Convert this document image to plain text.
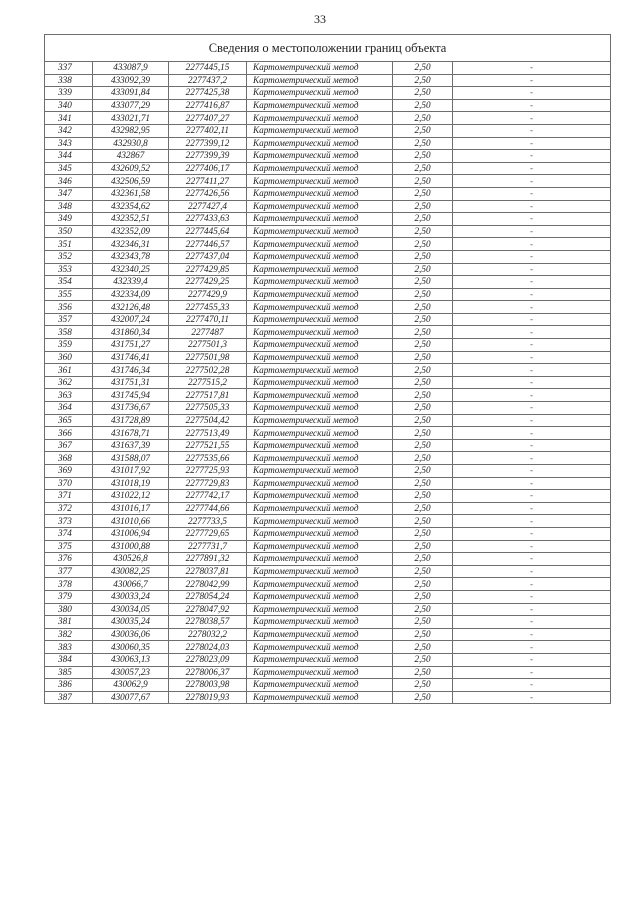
33
Сведения о местоположении границ объекта					
337	433087,9	2277445,15	Картометрический метод	2,50	-
338	433092,39	2277437,2	Картометрический метод	2,50	-
339	433091,84	2277425,38	Картометрический метод	2,50	-
340	433077,29	2277416,87	Картометрический метод	2,50	-
341	433021,71	2277407,27	Картометрический метод	2,50	-
342	432982,95	2277402,11	Картометрический метод	2,50	-
343	432930,8	2277399,12	Картометрический метод	2,50	-
344	432867	2277399,39	Картометрический метод	2,50	-
345	432609,52	2277406,17	Картометрический метод	2,50	-
346	432506,59	2277411,27	Картометрический метод	2,50	-
347	432361,58	2277426,56	Картометрический метод	2,50	-
348	432354,62	2277427,4	Картометрический метод	2,50	-
349	432352,51	2277433,63	Картометрический метод	2,50	-
350	432352,09	2277445,64	Картометрический метод	2,50	-
351	432346,31	2277446,57	Картометрический метод	2,50	-
352	432343,78	2277437,04	Картометрический метод	2,50	-
353	432340,25	2277429,85	Картометрический метод	2,50	-
354	432339,4	2277429,25	Картометрический метод	2,50	-
355	432334,09	2277429,9	Картометрический метод	2,50	-
356	432126,48	2277455,33	Картометрический метод	2,50	-
357	432007,24	2277470,11	Картометрический метод	2,50	-
358	431860,34	2277487	Картометрический метод	2,50	-
359	431751,27	2277501,3	Картометрический метод	2,50	-
360	431746,41	2277501,98	Картометрический метод	2,50	-
361	431746,34	2277502,28	Картометрический метод	2,50	-
362	431751,31	2277515,2	Картометрический метод	2,50	-
363	431745,94	2277517,81	Картометрический метод	2,50	-
364	431736,67	2277505,33	Картометрический метод	2,50	-
365	431728,89	2277504,42	Картометрический метод	2,50	-
366	431678,71	2277513,49	Картометрический метод	2,50	-
367	431637,39	2277521,55	Картометрический метод	2,50	-
368	431588,07	2277535,66	Картометрический метод	2,50	-
369	431017,92	2277725,93	Картометрический метод	2,50	-
370	431018,19	2277729,83	Картометрический метод	2,50	-
371	431022,12	2277742,17	Картометрический метод	2,50	-
372	431016,17	2277744,66	Картометрический метод	2,50	-
373	431010,66	2277733,5	Картометрический метод	2,50	-
374	431006,94	2277729,65	Картометрический метод	2,50	-
375	431000,88	2277731,7	Картометрический метод	2,50	-
376	430526,8	2277891,32	Картометрический метод	2,50	-
377	430082,25	2278037,81	Картометрический метод	2,50	-
378	430066,7	2278042,99	Картометрический метод	2,50	-
379	430033,24	2278054,24	Картометрический метод	2,50	-
380	430034,05	2278047,92	Картометрический метод	2,50	-
381	430035,24	2278038,57	Картометрический метод	2,50	-
382	430036,06	2278032,2	Картометрический метод	2,50	-
383	430060,35	2278024,03	Картометрический метод	2,50	-
384	430063,13	2278023,09	Картометрический метод	2,50	-
385	430057,23	2278006,37	Картометрический метод	2,50	-
386	430062,9	2278003,98	Картометрический метод	2,50	-
387	430077,67	2278019,93	Картометрический метод	2,50	-
